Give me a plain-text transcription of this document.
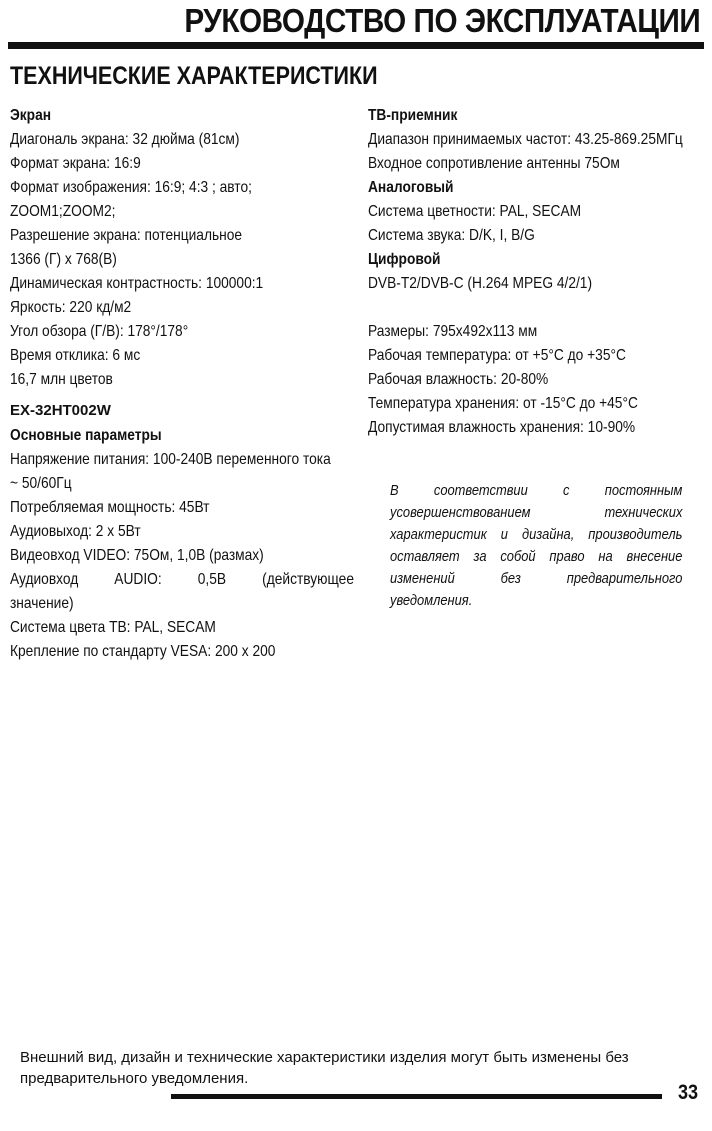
РУКОВОДСТВО ПО ЭКСПЛУАТАЦИИ
ТЕХНИЧЕСКИЕ ХАРАКТЕРИСТИКИ
Экран
Диагональ экрана: 32 дюйма (81см)
Формат экрана: 16:9
Формат изображения: 16:9; 4:3 ; авто;
ZOOM1;ZOOM2;
Разрешение экрана: потенциальное
1366 (Г) х 768(В)
Динамическая контрастность: 100000:1
Яркость: 220 кд/м2
Угол обзора (Г/В): 178°/178°
Время отклика: 6 мс
16,7 млн цветов
EX-32HT002W
Основные параметры
Напряжение питания: 100-240В переменного тока
~ 50/60Гц
Потребляемая мощность: 45Вт
Аудиовыход: 2 х 5Вт
Видеовход VIDEO: 75Ом, 1,0В (размах)
Аудиовход AUDIO: 0,5В (действующее
значение)
Система цвета ТВ: PAL, SECAM
Крепление по стандарту VESA: 200 х 200
ТВ-приемник
Диапазон принимаемых частот: 43.25-869.25МГц
Входное сопротивление антенны 75Ом
Аналоговый
Система цветности: PAL, SECAM
Система звука: D/K, I, B/G
Цифровой
DVB-T2/DVB-C (H.264 MPEG 4/2/1)
Размеры: 795х492х113 мм
Рабочая температура: от +5°С до +35°С
Рабочая влажность: 20-80%
Температура хранения: от -15°С до +45°С
Допустимая влажность хранения: 10-90%
В соответствии с постоянным усовершенствованием технических характеристик и дизайна, производитель оставляет за собой право на внесение изменений без предварительного уведомления.
Внешний вид, дизайн и технические характеристики изделия могут быть изменены без предварительного уведомления.
33
